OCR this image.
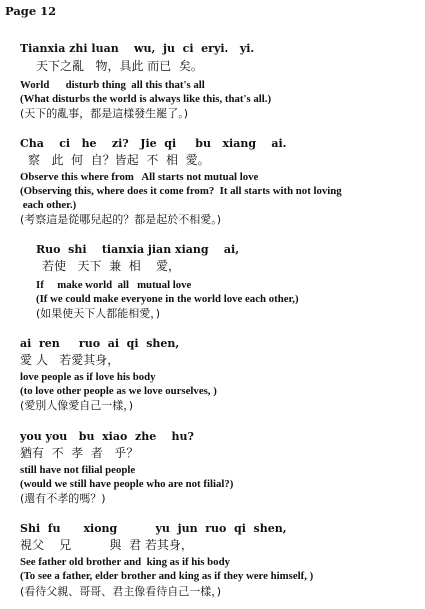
Page 12
Tianxia zhi luan    wu,  ju  ci  eryi.   yi.
天下之亂   物，具此 而已  矣。
World      disturb thing  all this that's all
(What disturbs the world is always like this, that's all.)
(天下的亂事，都是這樣發生罷了。)
Cha    ci   he    zi?   Jie  qi     bu   xiang    ai.
察   此  何  自？皆起  不  相  愛。
Observe this where from   All starts not mutual love
(Observing this, where does it come from?  It all starts with not loving
each other.)
(考察這是從哪兒起的？都是起於不相愛。)
Ruo  shi    tianxia jian xiang    ai,
若使   天下  兼  相    愛，
If     make world  all   mutual love
(If we could make everyone in the world love each other,)
(如果使天下人都能相愛，)
ai  ren     ruo  ai  qi  shen,
愛 人   若愛其身，
love people as if love his body
(to love other people as we love ourselves, )
(愛別人像愛自己一樣，)
you you   bu  xiao  zhe    hu?
猶有  不  孝  者   乎？
still have not filial people
(would we still have people who are not filial?)
(還有不孝的嗎？)
Shi  fu      xiong          yu  jun  ruo  qi  shen,
視父    兄          與  君 若其身，
See father old brother and  king as if his body
(To see a father, elder brother and king as if they were himself, )
(看待父親、哥哥、君主像看待自己一樣，)
